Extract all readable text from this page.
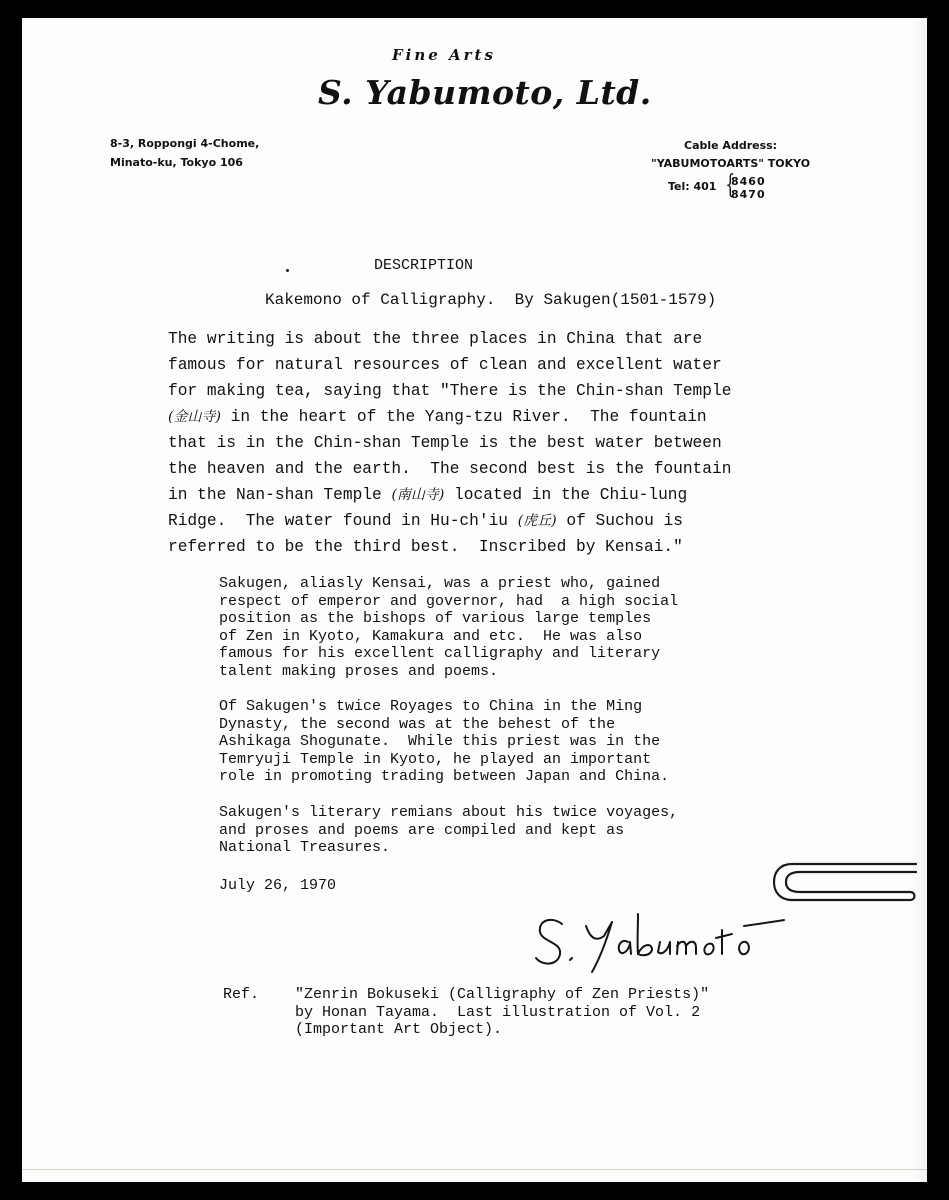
Fine Arts
S. Yabumoto, Ltd.
8-3, Roppongi 4-Chome,
Minato-ku, Tokyo 106
Cable Address:
"YABUMOTOARTS" TOKYO
Tel: 401 {
8460
8470
DESCRIPTION
Kakemono of Calligraphy.  By Sakugen(1501-1579)
The writing is about the three places in China that are
famous for natural resources of clean and excellent water
for making tea, saying that "There is the Chin-shan Temple
(金山寺) in the heart of the Yang-tzu River.  The fountain
that is in the Chin-shan Temple is the best water between
the heaven and the earth.  The second best is the fountain
in the Nan-shan Temple (南山寺) located in the Chiu-lung
Ridge.  The water found in Hu-ch'iu (虎丘) of Suchou is
referred to be the third best.  Inscribed by Kensai."
Sakugen, aliasly Kensai, was a priest who, gained
respect of emperor and governor, had  a high social
position as the bishops of various large temples
of Zen in Kyoto, Kamakura and etc.  He was also
famous for his excellent calligraphy and literary
talent making proses and poems.
Of Sakugen's twice Royages to China in the Ming
Dynasty, the second was at the behest of the
Ashikaga Shogunate.  While this priest was in the
Temryuji Temple in Kyoto, he played an important
role in promoting trading between Japan and China.
Sakugen's literary remians about his twice voyages,
and proses and poems are compiled and kept as
National Treasures.
July 26, 1970
Ref. "Zenrin Bokuseki (Calligraphy of Zen Priests)"
by Honan Tayama.  Last illustration of Vol. 2
(Important Art Object).
